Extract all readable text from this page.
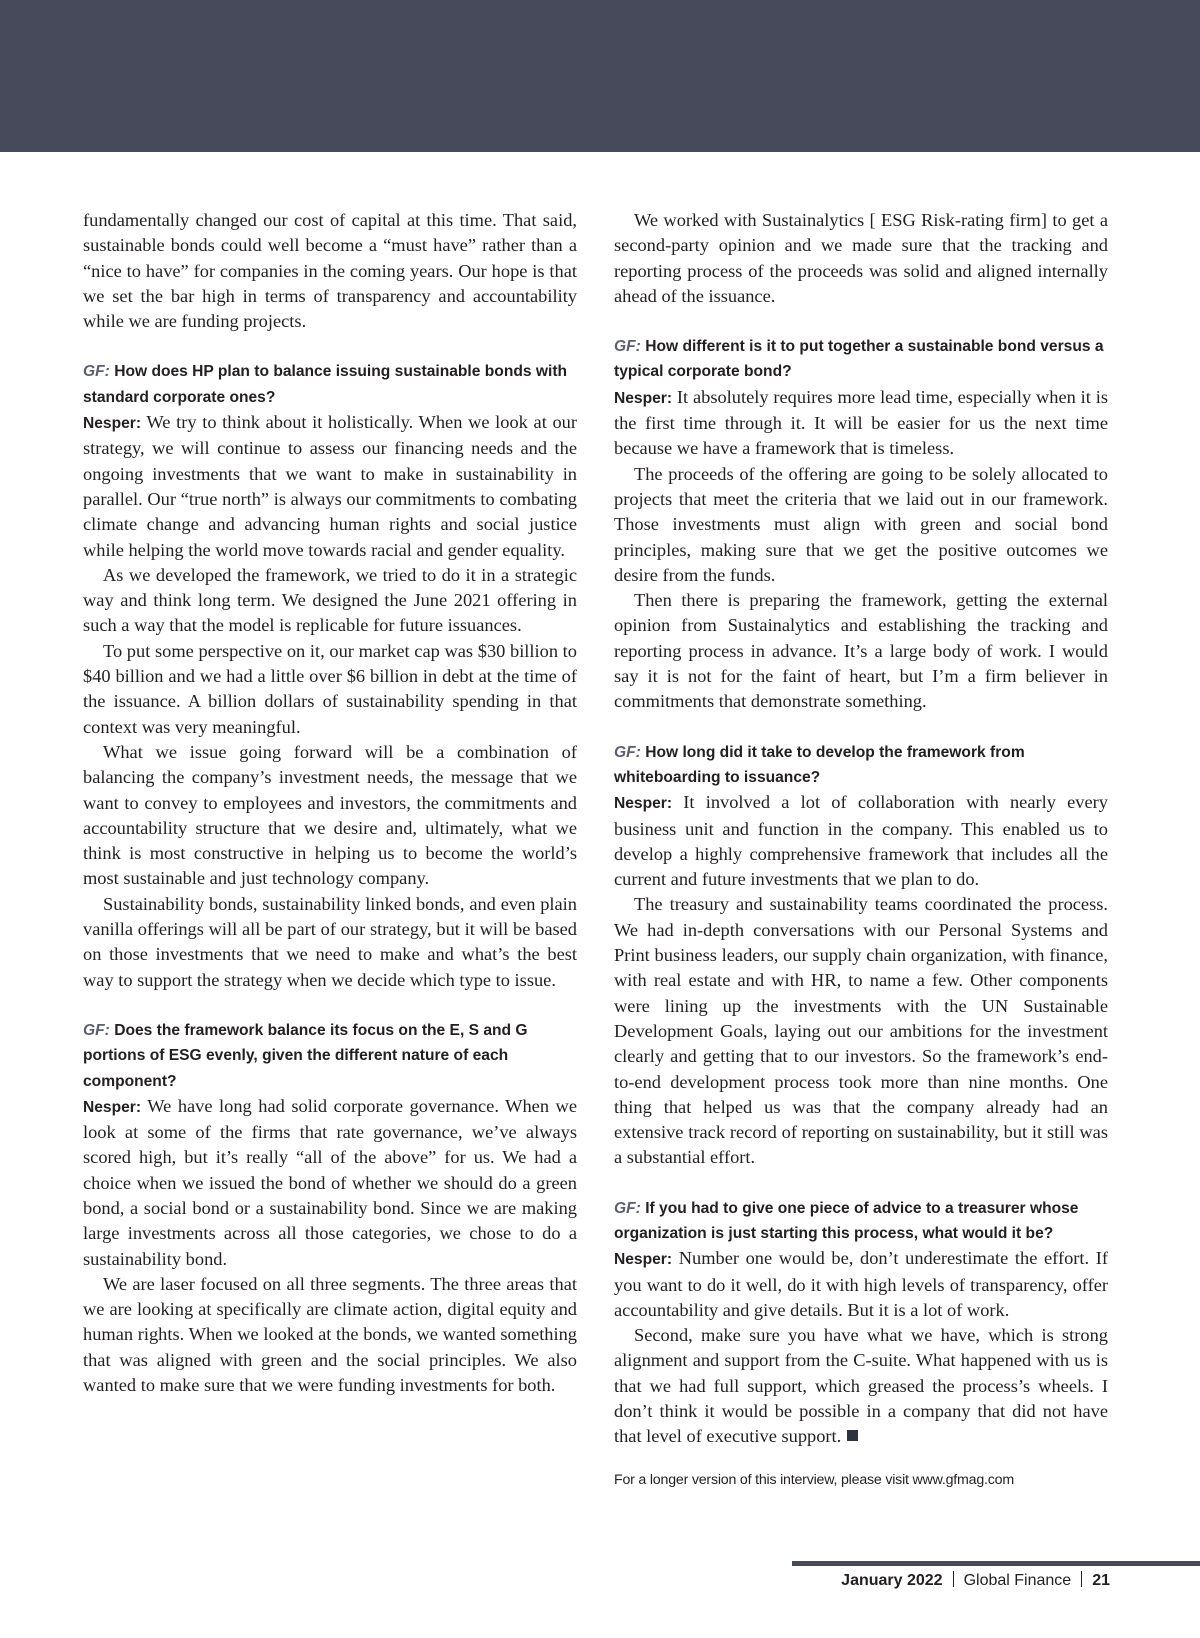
fundamentally changed our cost of capital at this time. That said, sustainable bonds could well become a “must have” rather than a “nice to have” for companies in the coming years. Our hope is that we set the bar high in terms of transparency and accountability while we are funding projects.

GF: How does HP plan to balance issuing sustainable bonds with standard corporate ones?

Nesper: We try to think about it holistically. When we look at our strategy, we will continue to assess our financing needs and the ongoing investments that we want to make in sustainability in parallel. Our “true north” is always our commitments to combating climate change and advancing human rights and social justice while helping the world move towards racial and gender equality.

As we developed the framework, we tried to do it in a strategic way and think long term. We designed the June 2021 offering in such a way that the model is replicable for future issuances.

To put some perspective on it, our market cap was $30 billion to $40 billion and we had a little over $6 billion in debt at the time of the issuance. A billion dollars of sustainability spending in that context was very meaningful.

What we issue going forward will be a combination of balancing the company’s investment needs, the message that we want to convey to employees and investors, the commitments and accountability structure that we desire and, ultimately, what we think is most constructive in helping us to become the world’s most sustainable and just technology company.

Sustainability bonds, sustainability linked bonds, and even plain vanilla offerings will all be part of our strategy, but it will be based on those investments that we need to make and what’s the best way to support the strategy when we decide which type to issue.

GF: Does the framework balance its focus on the E, S and G portions of ESG evenly, given the different nature of each component?

Nesper: We have long had solid corporate governance. When we look at some of the firms that rate governance, we’ve always scored high, but it’s really “all of the above” for us. We had a choice when we issued the bond of whether we should do a green bond, a social bond or a sustainability bond. Since we are making large investments across all those categories, we chose to do a sustainability bond.

We are laser focused on all three segments. The three areas that we are looking at specifically are climate action, digital equity and human rights. When we looked at the bonds, we wanted something that was aligned with green and the social principles. We also wanted to make sure that we were funding investments for both.

We worked with Sustainalytics [ ESG Risk-rating firm] to get a second-party opinion and we made sure that the tracking and reporting process of the proceeds was solid and aligned internally ahead of the issuance.

GF: How different is it to put together a sustainable bond versus a typical corporate bond?

Nesper: It absolutely requires more lead time, especially when it is the first time through it. It will be easier for us the next time because we have a framework that is timeless.

The proceeds of the offering are going to be solely allocated to projects that meet the criteria that we laid out in our framework. Those investments must align with green and social bond principles, making sure that we get the positive outcomes we desire from the funds.

Then there is preparing the framework, getting the external opinion from Sustainalytics and establishing the tracking and reporting process in advance. It’s a large body of work. I would say it is not for the faint of heart, but I’m a firm believer in commitments that demonstrate something.

GF: How long did it take to develop the framework from whiteboarding to issuance?

Nesper: It involved a lot of collaboration with nearly every business unit and function in the company. This enabled us to develop a highly comprehensive framework that includes all the current and future investments that we plan to do.

The treasury and sustainability teams coordinated the process. We had in-depth conversations with our Personal Systems and Print business leaders, our supply chain organization, with finance, with real estate and with HR, to name a few. Other components were lining up the investments with the UN Sustainable Development Goals, laying out our ambitions for the investment clearly and getting that to our investors. So the framework’s end-to-end development process took more than nine months. One thing that helped us was that the company already had an extensive track record of reporting on sustainability, but it still was a substantial effort.

GF: If you had to give one piece of advice to a treasurer whose organization is just starting this process, what would it be?

Nesper: Number one would be, don’t underestimate the effort. If you want to do it well, do it with high levels of transparency, offer accountability and give details. But it is a lot of work.

Second, make sure you have what we have, which is strong alignment and support from the C-suite. What happened with us is that we had full support, which greased the process’s wheels. I don’t think it would be possible in a company that did not have that level of executive support.

For a longer version of this interview, please visit www.gfmag.com

January 2022 Global Finance 21
